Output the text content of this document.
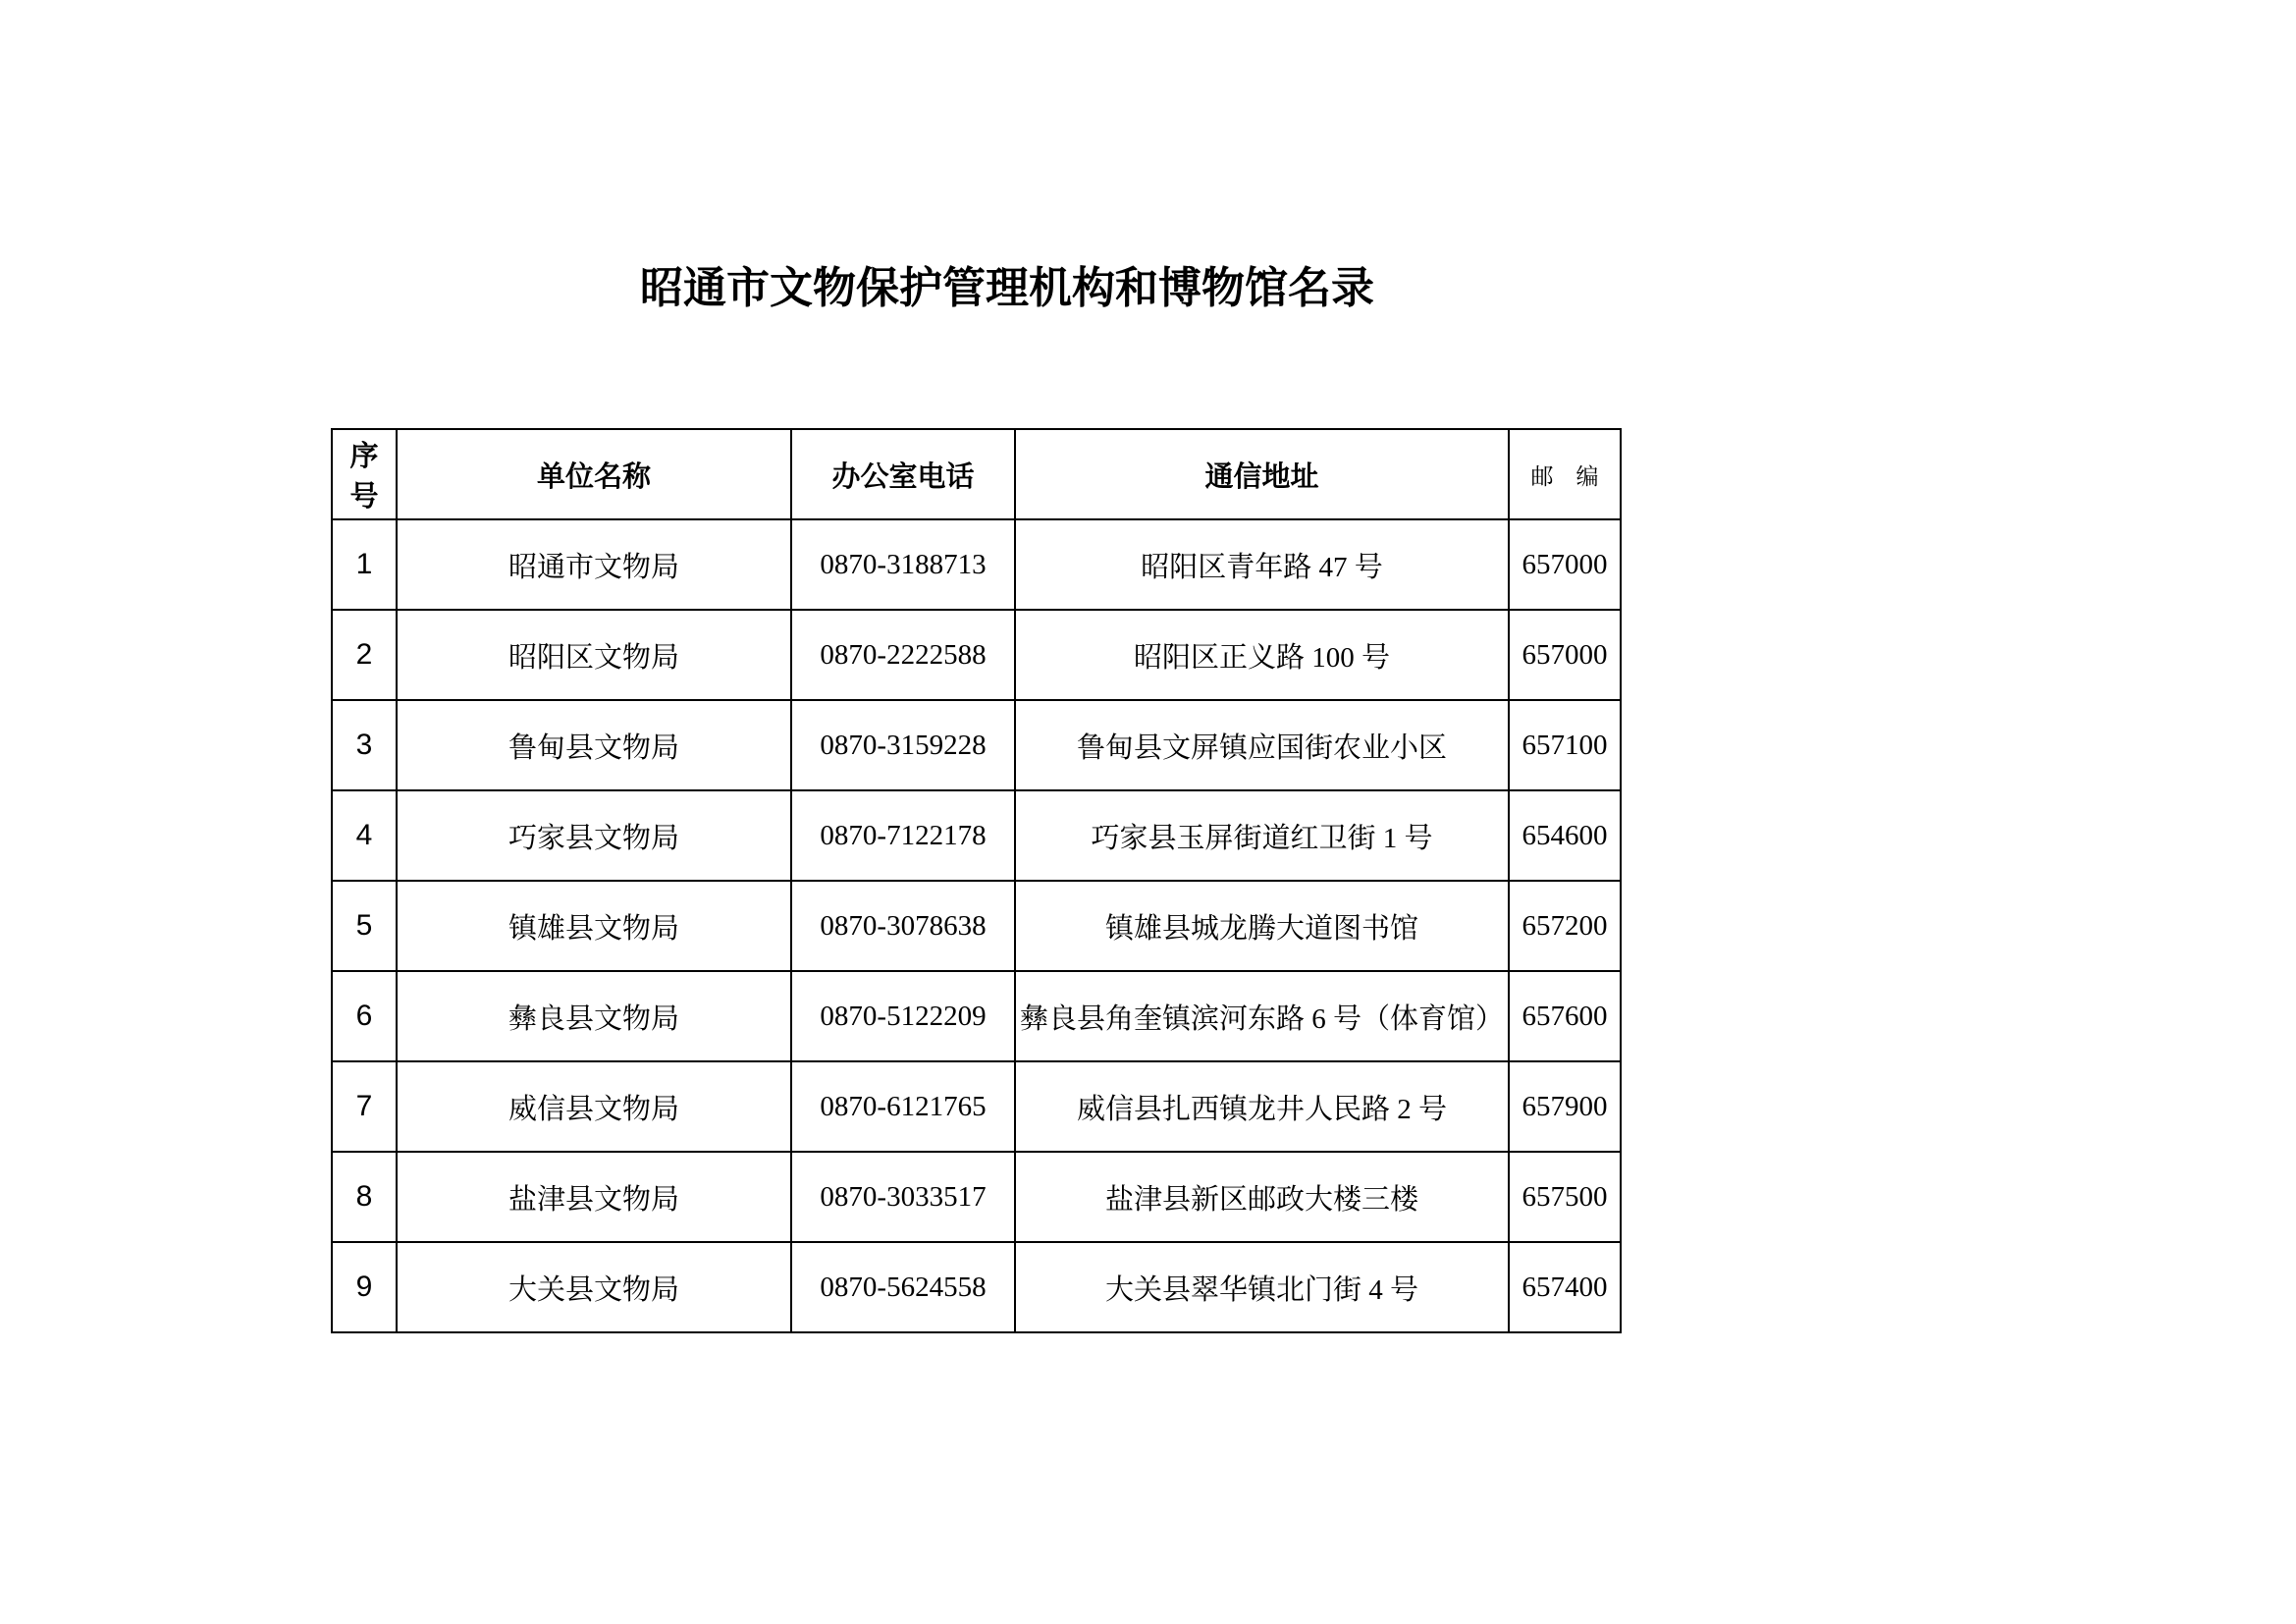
昭通市文物保护管理机构和博物馆名录
序号	单位名称	办公室电话	通信地址	邮　编
1	昭通市文物局	0870-3188713	昭阳区青年路 47 号	657000
2	昭阳区文物局	0870-2222588	昭阳区正义路 100 号	657000
3	鲁甸县文物局	0870-3159228	鲁甸县文屏镇应国街农业小区	657100
4	巧家县文物局	0870-7122178	巧家县玉屏街道红卫街 1 号	654600
5	镇雄县文物局	0870-3078638	镇雄县城龙腾大道图书馆	657200
6	彝良县文物局	0870-5122209	彝良县角奎镇滨河东路 6 号（体育馆）	657600
7	威信县文物局	0870-6121765	威信县扎西镇龙井人民路 2 号	657900
8	盐津县文物局	0870-3033517	盐津县新区邮政大楼三楼	657500
9	大关县文物局	0870-5624558	大关县翠华镇北门街 4 号	657400
